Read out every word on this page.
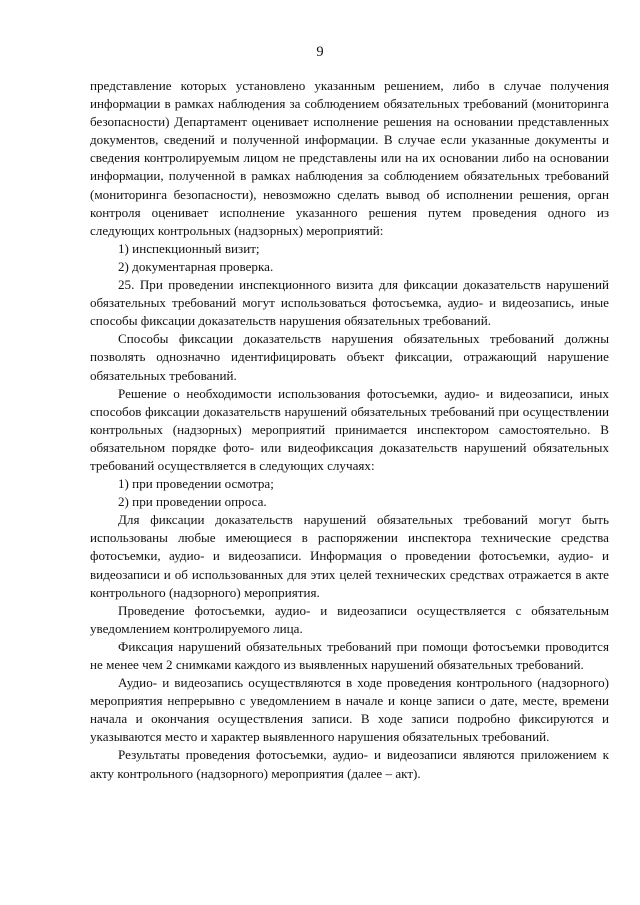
9

представление которых установлено указанным решением, либо в случае получения информации в рамках наблюдения за соблюдением обязательных требований (мониторинга безопасности) Департамент оценивает исполнение решения на основании представленных документов, сведений и полученной информации. В случае если указанные документы и сведения контролируемым лицом не представлены или на их основании либо на основании информации, полученной в рамках наблюдения за соблюдением обязательных требований (мониторинга безопасности), невозможно сделать вывод об исполнении решения, орган контроля оценивает исполнение указанного решения путем проведения одного из следующих контрольных (надзорных) мероприятий:

1) инспекционный визит;

2) документарная проверка.

25. При проведении инспекционного визита для фиксации доказательств нарушений обязательных требований могут использоваться фотосъемка, аудио- и видеозапись, иные способы фиксации доказательств нарушения обязательных требований.

Способы фиксации доказательств нарушения обязательных требований должны позволять однозначно идентифицировать объект фиксации, отражающий нарушение обязательных требований.

Решение о необходимости использования фотосъемки, аудио- и видеозаписи, иных способов фиксации доказательств нарушений обязательных требований при осуществлении контрольных (надзорных) мероприятий принимается инспектором самостоятельно. В обязательном порядке фото- или видеофиксация доказательств нарушений обязательных требований осуществляется в следующих случаях:

1) при проведении осмотра;

2) при проведении опроса.

Для фиксации доказательств нарушений обязательных требований могут быть использованы любые имеющиеся в распоряжении инспектора технические средства фотосъемки, аудио- и видеозаписи. Информация о проведении фотосъемки, аудио- и видеозаписи и об использованных для этих целей технических средствах отражается в акте контрольного (надзорного) мероприятия.

Проведение фотосъемки, аудио- и видеозаписи осуществляется с обязательным уведомлением контролируемого лица.

Фиксация нарушений обязательных требований при помощи фотосъемки проводится не менее чем 2 снимками каждого из выявленных нарушений обязательных требований.

Аудио- и видеозапись осуществляются в ходе проведения контрольного (надзорного) мероприятия непрерывно с уведомлением в начале и конце записи о дате, месте, времени начала и окончания осуществления записи. В ходе записи подробно фиксируются и указываются место и характер выявленного нарушения обязательных требований.

Результаты проведения фотосъемки, аудио- и видеозаписи являются приложением к акту контрольного (надзорного) мероприятия (далее – акт).
